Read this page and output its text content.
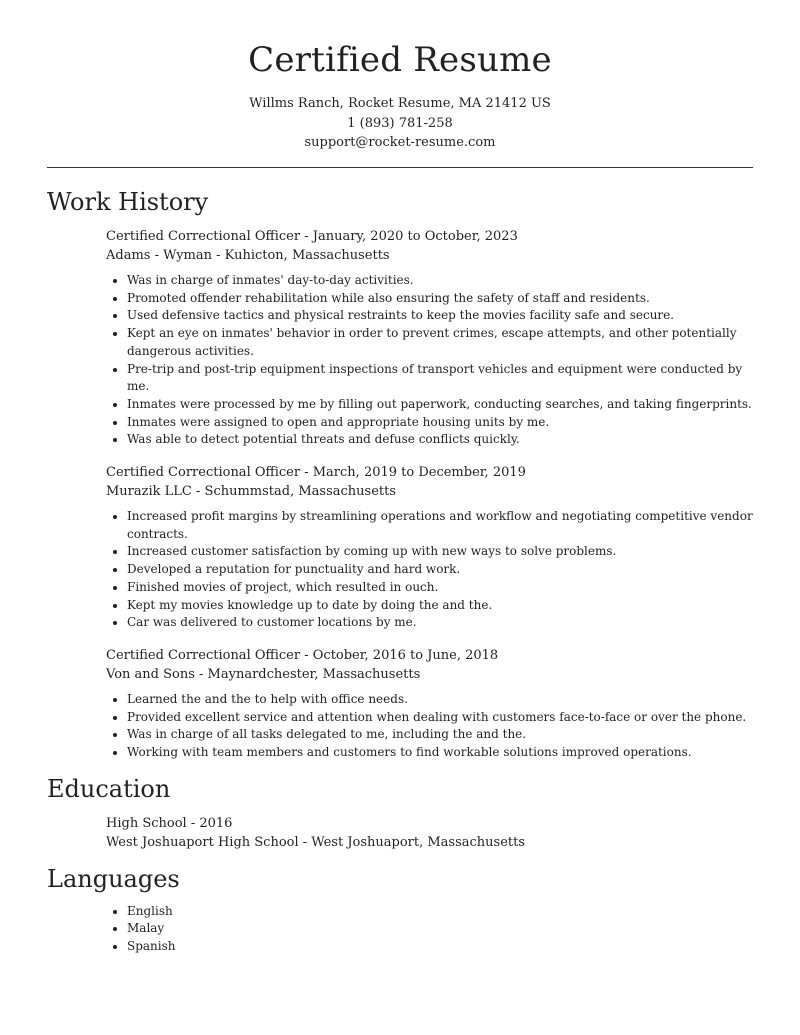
Certified Resume
Willms Ranch, Rocket Resume, MA 21412 US
1 (893) 781-258
support@rocket-resume.com
Work History
Certified Correctional Officer - January, 2020 to October, 2023
Adams - Wyman - Kuhicton, Massachusetts
• Was in charge of inmates' day-to-day activities.
• Promoted offender rehabilitation while also ensuring the safety of staff and residents.
• Used defensive tactics and physical restraints to keep the movies facility safe and secure.
• Kept an eye on inmates' behavior in order to prevent crimes, escape attempts, and other potentially dangerous activities.
• Pre-trip and post-trip equipment inspections of transport vehicles and equipment were conducted by me.
• Inmates were processed by me by filling out paperwork, conducting searches, and taking fingerprints.
• Inmates were assigned to open and appropriate housing units by me.
• Was able to detect potential threats and defuse conflicts quickly.
Certified Correctional Officer - March, 2019 to December, 2019
Murazik LLC - Schummstad, Massachusetts
• Increased profit margins by streamlining operations and workflow and negotiating competitive vendor contracts.
• Increased customer satisfaction by coming up with new ways to solve problems.
• Developed a reputation for punctuality and hard work.
• Finished movies of project, which resulted in ouch.
• Kept my movies knowledge up to date by doing the and the.
• Car was delivered to customer locations by me.
Certified Correctional Officer - October, 2016 to June, 2018
Von and Sons - Maynardchester, Massachusetts
• Learned the and the to help with office needs.
• Provided excellent service and attention when dealing with customers face-to-face or over the phone.
• Was in charge of all tasks delegated to me, including the and the.
• Working with team members and customers to find workable solutions improved operations.
Education
High School - 2016
West Joshuaport High School - West Joshuaport, Massachusetts
Languages
• English
• Malay
• Spanish
